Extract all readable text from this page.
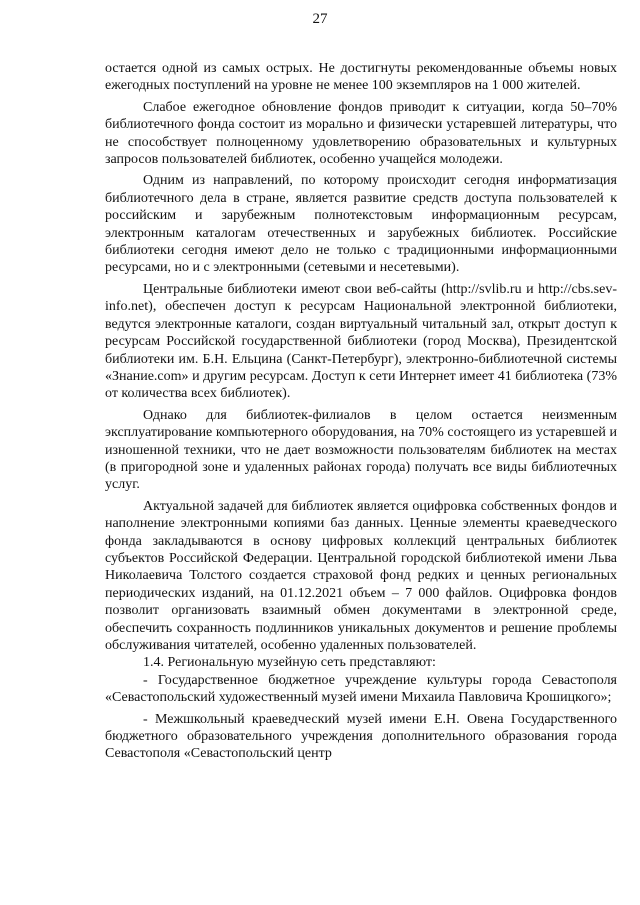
27

остается одной из самых острых. Не достигнуты рекомендованные объемы новых ежегодных поступлений на уровне не менее 100 экземпляров на 1 000 жителей.

Слабое ежегодное обновление фондов приводит к ситуации, когда 50–70% библиотечного фонда состоит из морально и физически устаревшей литературы, что не способствует полноценному удовлетворению образовательных и культурных запросов пользователей библиотек, особенно учащейся молодежи.

Одним из направлений, по которому происходит сегодня информатизация библиотечного дела в стране, является развитие средств доступа пользователей к российским и зарубежным полнотекстовым информационным ресурсам, электронным каталогам отечественных и зарубежных библиотек. Российские библиотеки сегодня имеют дело не только с традиционными информационными ресурсами, но и с электронными (сетевыми и несетевыми).

Центральные библиотеки имеют свои веб-сайты (http://svlib.ru и http://cbs.sev-info.net), обеспечен доступ к ресурсам Национальной электронной библиотеки, ведутся электронные каталоги, создан виртуальный читальный зал, открыт доступ к ресурсам Российской государственной библиотеки (город Москва), Президентской библиотеки им. Б.Н. Ельцина (Санкт-Петербург), электронно-библиотечной системы «Знание.com» и другим ресурсам. Доступ к сети Интернет имеет 41 библиотека (73% от количества всех библиотек).

Однако для библиотек-филиалов в целом остается неизменным эксплуатирование компьютерного оборудования, на 70% состоящего из устаревшей и изношенной техники, что не дает возможности пользователям библиотек на местах (в пригородной зоне и удаленных районах города) получать все виды библиотечных услуг.

Актуальной задачей для библиотек является оцифровка собственных фондов и наполнение электронными копиями баз данных. Ценные элементы краеведческого фонда закладываются в основу цифровых коллекций центральных библиотек субъектов Российской Федерации. Центральной городской библиотекой имени Льва Николаевича Толстого создается страховой фонд редких и ценных региональных периодических изданий, на 01.12.2021 объем – 7 000 файлов. Оцифровка фондов позволит организовать взаимный обмен документами в электронной среде, обеспечить сохранность подлинников уникальных документов и решение проблемы обслуживания читателей, особенно удаленных пользователей.

1.4. Региональную музейную сеть представляют:

- Государственное бюджетное учреждение культуры города Севастополя «Севастопольский художественный музей имени Михаила Павловича Крошицкого»;

- Межшкольный краеведческий музей имени Е.Н. Овена Государственного бюджетного образовательного учреждения дополнительного образования города Севастополя «Севастопольский центр
